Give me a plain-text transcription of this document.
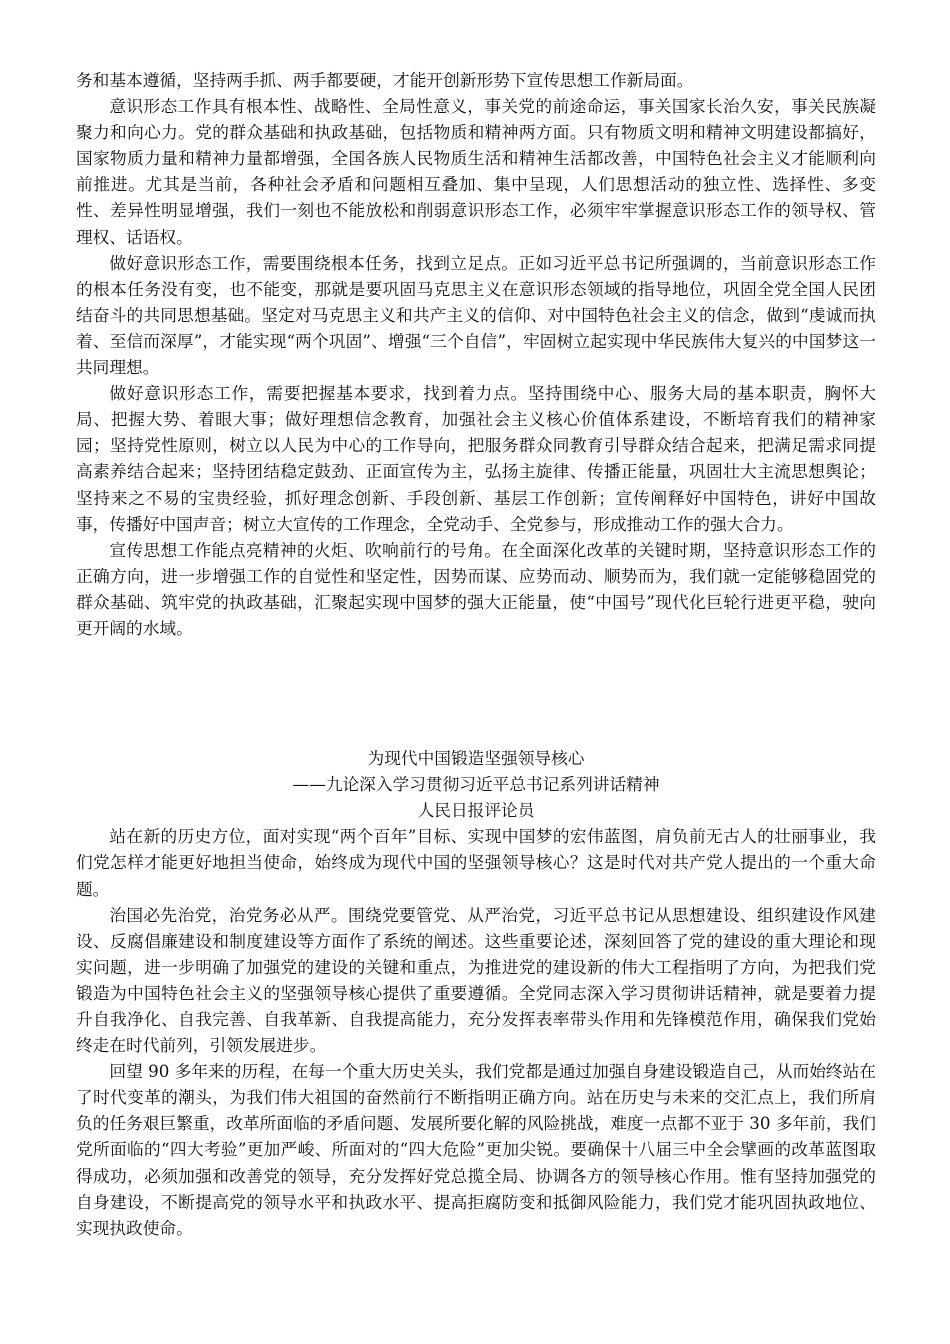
务和基本遵循，坚持两手抓、两手都要硬，才能开创新形势下宣传思想工作新局面。

意识形态工作具有根本性、战略性、全局性意义，事关党的前途命运，事关国家长治久安，事关民族凝聚力和向心力。党的群众基础和执政基础，包括物质和精神两方面。只有物质文明和精神文明建设都搞好，国家物质力量和精神力量都增强，全国各族人民物质生活和精神生活都改善，中国特色社会主义才能顺利向前推进。尤其是当前，各种社会矛盾和问题相互叠加、集中呈现，人们思想活动的独立性、选择性、多变性、差异性明显增强，我们一刻也不能放松和削弱意识形态工作，必须牢牢掌握意识形态工作的领导权、管理权、话语权。

做好意识形态工作，需要围绕根本任务，找到立足点。正如习近平总书记所强调的，当前意识形态工作的根本任务没有变，也不能变，那就是要巩固马克思主义在意识形态领域的指导地位，巩固全党全国人民团结奋斗的共同思想基础。坚定对马克思主义和共产主义的信仰、对中国特色社会主义的信念，做到“虔诚而执着、至信而深厚”，才能实现“两个巩固”、增强“三个自信”，牢固树立起实现中华民族伟大复兴的中国梦这一共同理想。

做好意识形态工作，需要把握基本要求，找到着力点。坚持围绕中心、服务大局的基本职责，胸怀大局、把握大势、着眼大事；做好理想信念教育，加强社会主义核心价值体系建设，不断培育我们的精神家园；坚持党性原则，树立以人民为中心的工作导向，把服务群众同教育引导群众结合起来，把满足需求同提高素养结合起来；坚持团结稳定鼓劲、正面宣传为主，弘扬主旋律、传播正能量，巩固壮大主流思想舆论；坚持来之不易的宝贵经验，抓好理念创新、手段创新、基层工作创新；宣传阐释好中国特色，讲好中国故事，传播好中国声音；树立大宣传的工作理念，全党动手、全党参与，形成推动工作的强大合力。

宣传思想工作能点亮精神的火炬、吹响前行的号角。在全面深化改革的关键时期，坚持意识形态工作的正确方向，进一步增强工作的自觉性和坚定性，因势而谋、应势而动、顺势而为，我们就一定能够稳固党的群众基础、筑牢党的执政基础，汇聚起实现中国梦的强大正能量，使“中国号”现代化巨轮行进更平稳，驶向更开阔的水域。

为现代中国锻造坚强领导核心

——九论深入学习贯彻习近平总书记系列讲话精神

人民日报评论员

站在新的历史方位，面对实现“两个百年”目标、实现中国梦的宏伟蓝图，肩负前无古人的壮丽事业，我们党怎样才能更好地担当使命，始终成为现代中国的坚强领导核心？这是时代对共产党人提出的一个重大命题。

治国必先治党，治党务必从严。围绕党要管党、从严治党，习近平总书记从思想建设、组织建设作风建设、反腐倡廉建设和制度建设等方面作了系统的阐述。这些重要论述，深刻回答了党的建设的重大理论和现实问题，进一步明确了加强党的建设的关键和重点，为推进党的建设新的伟大工程指明了方向，为把我们党锻造为中国特色社会主义的坚强领导核心提供了重要遵循。全党同志深入学习贯彻讲话精神，就是要着力提升自我净化、自我完善、自我革新、自我提高能力，充分发挥表率带头作用和先锋模范作用，确保我们党始终走在时代前列，引领发展进步。

回望 90 多年来的历程，在每一个重大历史关头，我们党都是通过加强自身建设锻造自己，从而始终站在了时代变革的潮头，为我们伟大祖国的奋然前行不断指明正确方向。站在历史与未来的交汇点上，我们所肩负的任务艰巨繁重，改革所面临的矛盾问题、发展所要化解的风险挑战，难度一点都不亚于 30 多年前，我们党所面临的“四大考验”更加严峻、所面对的“四大危险”更加尖锐。要确保十八届三中全会擘画的改革蓝图取得成功，必须加强和改善党的领导，充分发挥好党总揽全局、协调各方的领导核心作用。惟有坚持加强党的自身建设，不断提高党的领导水平和执政水平、提高拒腐防变和抵御风险能力，我们党才能巩固执政地位、实现执政使命。
